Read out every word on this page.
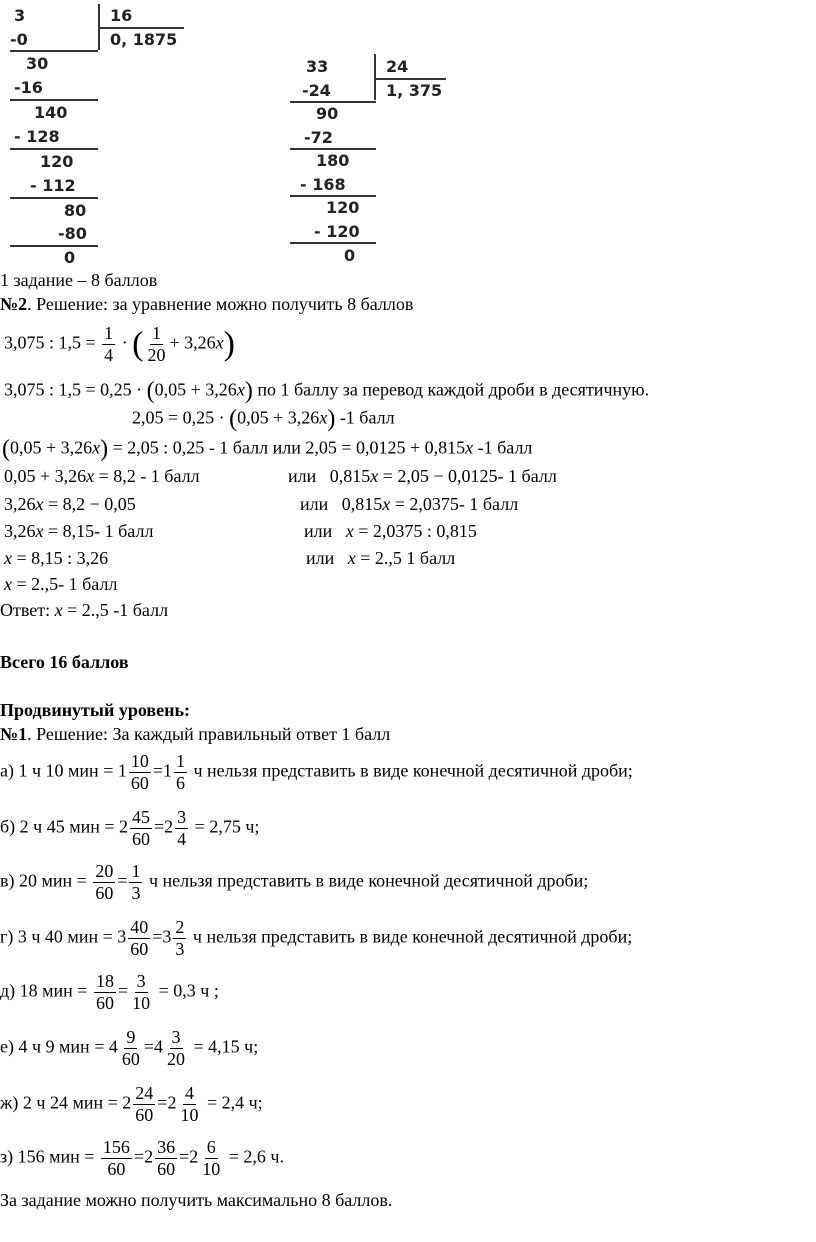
3	16
0, 1875
-0
30
-16
140
- 128
120
- 112
80
-80
0
33	24
1, 375
-24
90
-72
180
- 168
120
- 120
0
1 задание – 8 баллов
№2. Решение: за уравнение можно получить 8 баллов
3,075 : $1,5 = \frac{1}{4}$ · ( $\frac{1}{20} + 3,26x$)
3,075 : 1,5 = 0,25 · (0,05 + 3,26x) по 1 баллу за перевод каждой дроби в десятичную.
2,05 = 0,25 · (0,05 + 3,26x) -1 балл
(0,05 + 3,26x) = 2,05 : 0,25 - 1 балл или 2,05 = 0,0125 + 0,815x -1 балл
0,05 + 3,26x = 8,2 - 1 балл	или 0,815x = 2,05 − 0,0125- 1 балл
3,26x = 8,2 − 0,05	или 0,815x = 2,0375- 1 балл
3,26x = 8,15- 1 балл	или x = 2,0375 : 0,815
x = 8,15 : 3,26	или x = 2.,5 1 балл
x = 2.,5- 1 балл
Ответ: x = 2.,5 -1 балл
Всего 16 баллов
Продвинутый уровень:
№1. Решение: За каждый правильный ответ 1 балл
а) 1 ч 10 мин = $1 \frac{10}{60} =1 \frac{1}{6}$ ч нельзя представить в виде конечной десятичной дроби;
б) 2 ч 45 мин = $2 \frac{45}{60} =2 \frac{3}{4} = 2,75$ ч;
в) 20 мин = $\frac{20}{60} = \frac{1}{3}$ ч нельзя представить в виде конечной десятичной дроби;
г) 3 ч 40 мин = $3 \frac{40}{60} =3 \frac{2}{3}$ ч нельзя представить в виде конечной десятичной дроби;
д) 18 мин = $\frac{18}{60} = \frac{3}{10} = 0,3$ ч ;
е) 4 ч 9 мин = $4 \frac{9}{60} =4 \frac{3}{20} = 4,15$ ч;
ж) 2 ч 24 мин = $2 \frac{24}{60} =2 \frac{4}{10} = 2,4$ ч;
з) 156 мин = $\frac{156}{60} =2 \frac{36}{60} =2 \frac{6}{10} = 2,6$ ч.
За задание можно получить максимально 8 баллов.
